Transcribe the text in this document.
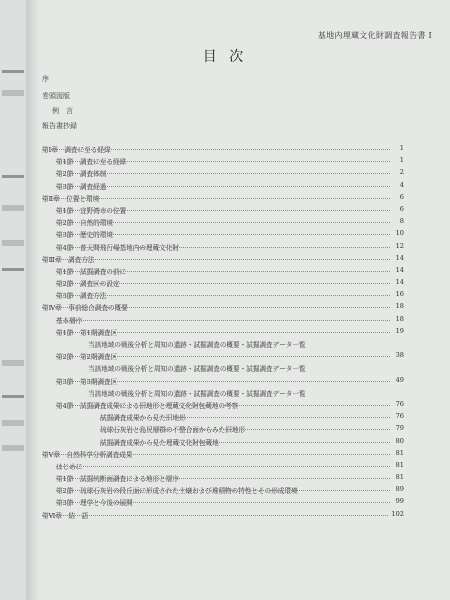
基地内埋蔵文化財調査報告書 I
目 次
序
巻頭図版
例　言
報告書抄録
第Ⅰ章　調査に至る経緯	1
第1節　調査に至る経緯	1
第2節　調査体制	2
第3節　調査経過	4
第Ⅱ章　位置と環境	6
第1節　宜野湾市の位置	6
第2節　自然的環境	8
第3節　歴史的環境	10
第4節　普天間飛行場基地内の埋蔵文化財	12
第Ⅲ章　調査方法	14
第1節　試掘調査の前に	14
第2節　調査区の設定	14
第3節　調査方法	16
第Ⅳ章　事前総合調査の概要	18
基本層序	18
第1節　第1期調査区	19
当該地域の戦後分析と周知の遺跡・試掘調査の概要・試掘調査データ一覧
第2節　第2期調査区	38
当該地域の戦後分析と周知の遺跡・試掘調査の概要・試掘調査データ一覧
第3節　第3期調査区	49
当該地域の戦後分析と周知の遺跡・試掘調査の概要・試掘調査データ一覧
第4節　試掘調査成果による旧地形と埋蔵文化財包蔵地の考察	76
試掘調査成果から見た旧地形	76
琉球石灰岩と島尻層群の不整合面からみた旧地形	79
試掘調査成果から見た埋蔵文化財包蔵地	80
第Ⅴ章　自然科学分析調査成果	81
はじめに	81
第1節　試掘坑断面調査による地形と層序	81
第2節　琉球石灰岩の段丘面に形成された土壌および堆積物の特性とその形成環境	89
第3節　理学と今後の展開	99
第Ⅵ章　結　語	102
